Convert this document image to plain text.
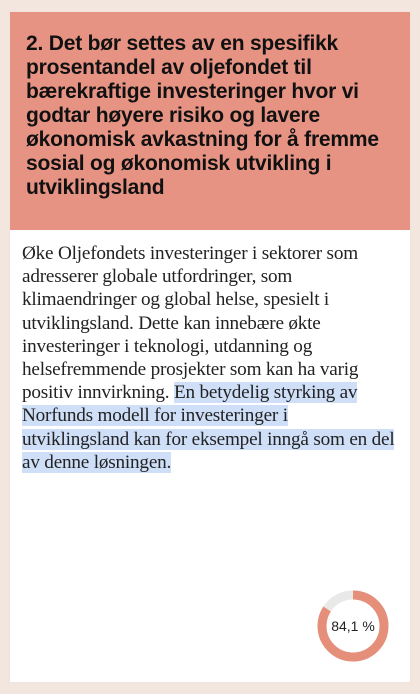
2. Det bør settes av en spesifikk prosentandel av oljefondet til bærekraftige investeringer hvor vi godtar høyere risiko og lavere økonomisk avkastning for å fremme sosial og økonomisk utvikling i utviklingsland
Øke Oljefondets investeringer i sektorer som adresserer globale utfordringer, som klimaendringer og global helse, spesielt i utviklingsland. Dette kan innebære økte investeringer i teknologi, utdanning og helsefremmende prosjekter som kan ha varig positiv innvirkning. En betydelig styrking av Norfunds modell for investeringer i utviklingsland kan for eksempel inngå som en del av denne løsningen.
84,1 %
